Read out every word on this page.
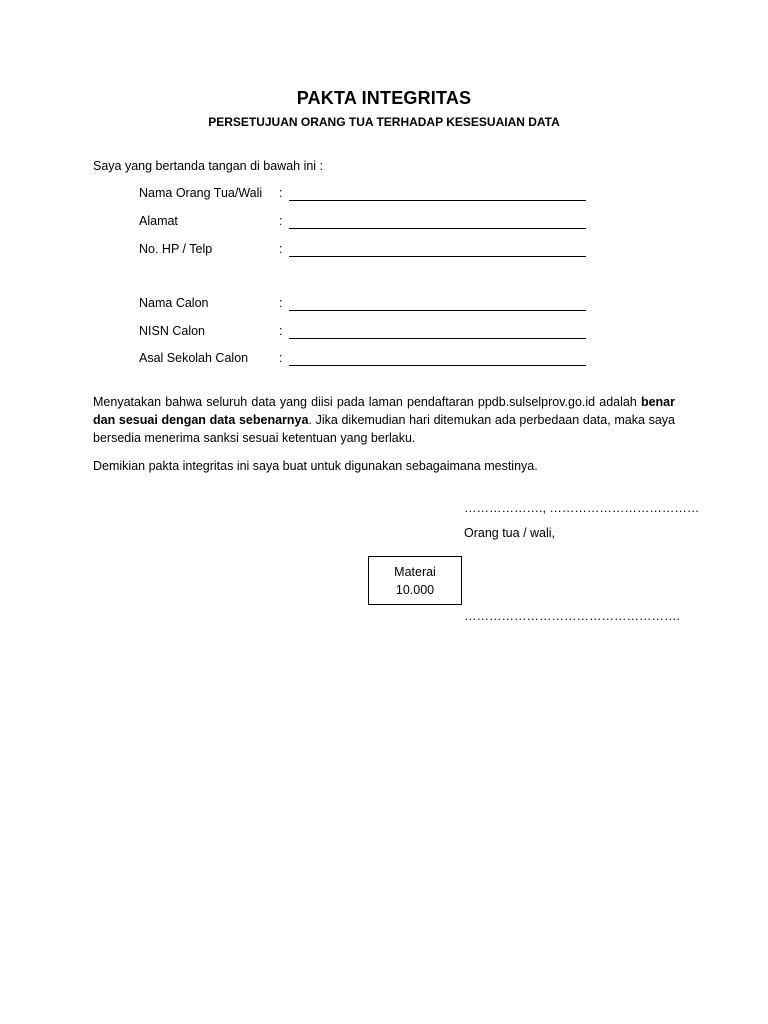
PAKTA INTEGRITAS
PERSETUJUAN ORANG TUA TERHADAP KESESUAIAN DATA
Saya yang bertanda tangan di bawah ini :
Nama Orang Tua/Wali :
Alamat	:
No. HP / Telp	:
Nama Calon	:
NISN Calon	:
Asal Sekolah Calon :
Menyatakan bahwa seluruh data yang diisi pada laman pendaftaran ppdb.sulselprov.go.id adalah benar dan sesuai dengan data sebenarnya. Jika dikemudian hari ditemukan ada perbedaan data, maka saya bersedia menerima sanksi sesuai ketentuan yang berlaku.
Demikian pakta integritas ini saya buat untuk digunakan sebagaimana mestinya.
………………., ………………………………
Orang tua / wali,
Materai
10.000
…………………………………………….
